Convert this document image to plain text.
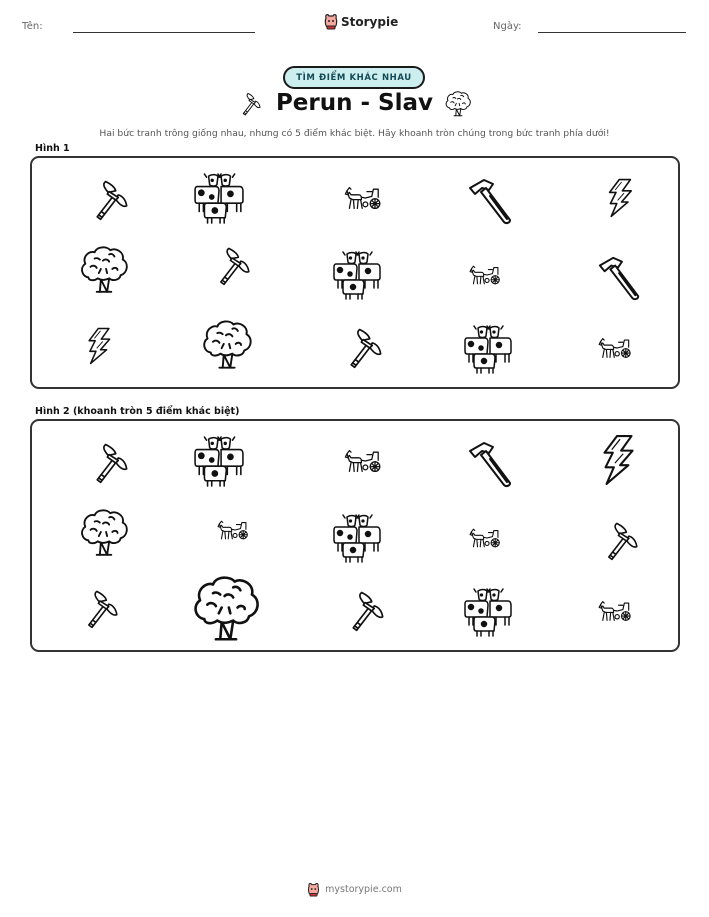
Tên:	Storypie	Ngày:
TÌM ĐIỂM KHÁC NHAU
Perun - Slav
Hai bức tranh trông giống nhau, nhưng có 5 điểm khác biệt. Hãy khoanh tròn chúng trong bức tranh phía dưới!
Hình 1
Hình 2 (khoanh tròn 5 điểm khác biệt)
mystorypie.com
